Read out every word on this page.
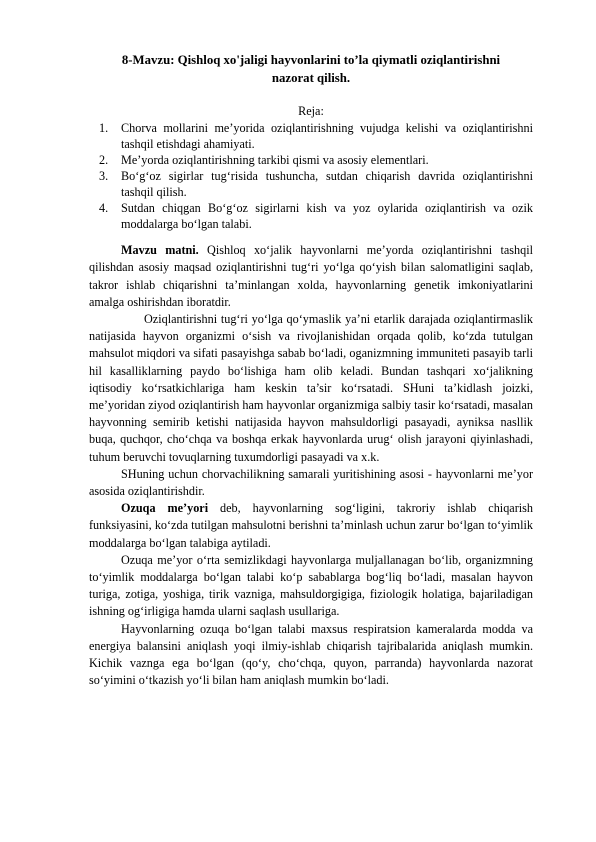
8-Mavzu: Qishloq xo'jaligi hayvonlarini to’la qiymatli oziqlantirishni
nazorat qilish.
Reja:
1. Chorva mollarini me’yorida oziqlantirishning vujudga kelishi va oziqlantirishni tashqil etishdagi ahamiyati.
2. Me’yorda oziqlantirishning tarkibi qismi va asosiy elementlari.
3. Bo‘g‘oz sigirlar tug‘risida tushuncha, sutdan chiqarish davrida oziqlantirishni tashqil qilish.
4. Sutdan chiqgan Bo‘g‘oz sigirlarni kish va yoz oylarida oziqlantirish va ozik moddalarga bo‘lgan talabi.

Mavzu matni. Qishloq xo‘jalik hayvonlarni me’yorda oziqlantirishni tashqil qilishdan asosiy maqsad oziqlantirishni tug‘ri yo‘lga qo‘yish bilan salomatligini saqlab, takror ishlab chiqarishni ta’minlangan xolda, hayvonlarning genetik imkoniyatlarini amalga oshirishdan iboratdir.

Oziqlantirishni tug‘ri yo‘lga qo‘ymaslik ya’ni etarlik darajada oziqlantirmaslik natijasida hayvon organizmi o‘sish va rivojlanishidan orqada qolib, ko‘zda tutulgan mahsulot miqdori va sifati pasayishga sabab bo‘ladi, oganizmning immuniteti pasayib tarli hil kasalliklarning paydo bo‘lishiga ham olib keladi. Bundan tashqari xo‘jalikning iqtisodiy ko‘rsatkichlariga ham keskin ta’sir ko‘rsatadi. SHuni ta’kidlash joizki, me’yoridan ziyod oziqlantirish ham hayvonlar organizmiga salbiy tasir ko‘rsatadi, masalan hayvonning semirib ketishi natijasida hayvon mahsuldorligi pasayadi, ayniksa nasllik buqa, quchqor, cho‘chqa va boshqa erkak hayvonlarda urug‘ olish jarayoni qiyinlashadi, tuhum beruvchi tovuqlarning tuxumdorligi pasayadi va x.k.

SHuning uchun chorvachilikning samarali yuritishining asosi - hayvonlarni me’yor asosida oziqlantirishdir.

Ozuqa me’yori deb, hayvonlarning sog‘ligini, takroriy ishlab chiqarish funksiyasini, ko‘zda tutilgan mahsulotni berishni ta’minlash uchun zarur bo‘lgan to‘yimlik moddalarga bo‘lgan talabiga aytiladi.

Ozuqa me’yor o‘rta semizlikdagi hayvonlarga muljallanagan bo‘lib, organizmning to‘yimlik moddalarga bo‘lgan talabi ko‘p sabablarga bog‘liq bo‘ladi, masalan hayvon turiga, zotiga, yoshiga, tirik vazniga, mahsuldorgigiga, fiziologik holatiga, bajariladigan ishning og‘irligiga hamda ularni saqlash usullariga.

Hayvonlarning ozuqa bo‘lgan talabi maxsus respiratsion kameralarda modda va energiya balansini aniqlash yoqi ilmiy-ishlab chiqarish tajribalarida aniqlash mumkin. Kichik vaznga ega bo‘lgan (qo‘y, cho‘chqa, quyon, parranda) hayvonlarda nazorat so‘yimini o‘tkazish yo‘li bilan ham aniqlash mumkin bo‘ladi.
